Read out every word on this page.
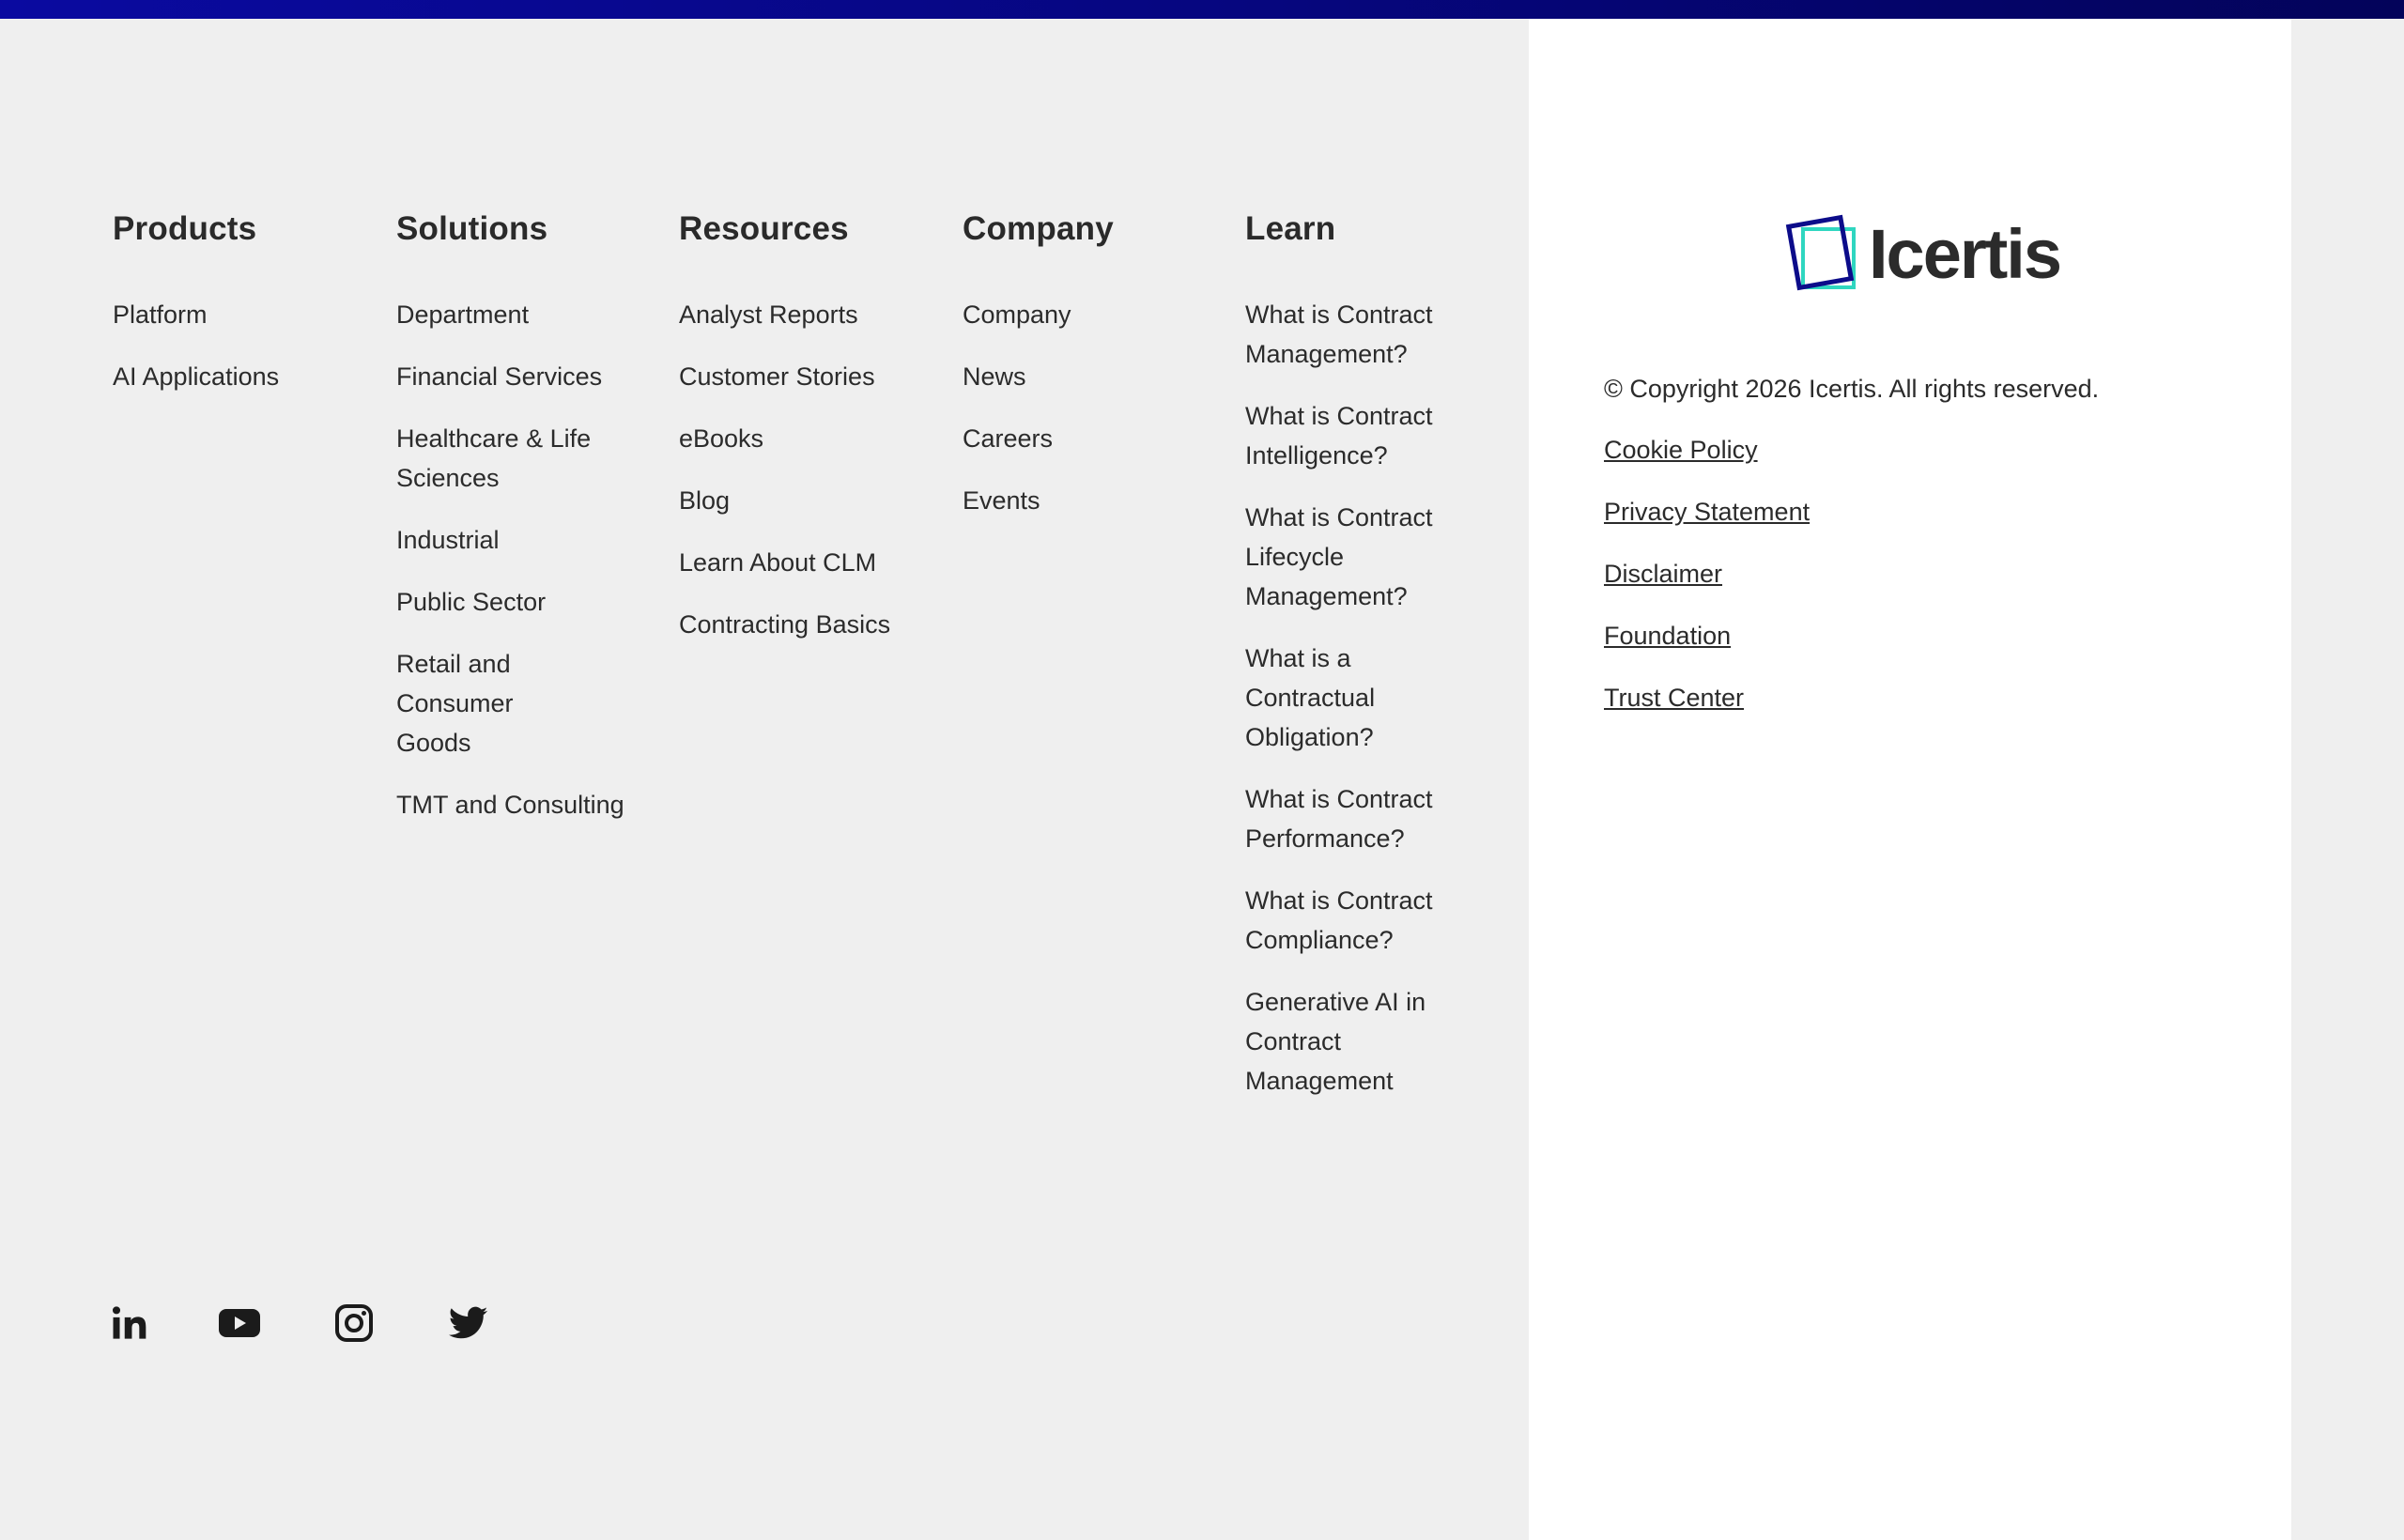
Products
Platform
AI Applications
Solutions
Department
Financial Services
Healthcare & Life Sciences
Industrial
Public Sector
Retail and Consumer Goods
TMT and Consulting
Resources
Analyst Reports
Customer Stories
eBooks
Blog
Learn About CLM
Contracting Basics
Company
Company
News
Careers
Events
Learn
What is Contract Management?
What is Contract Intelligence?
What is Contract Lifecycle Management?
What is a Contractual Obligation?
What is Contract Performance?
What is Contract Compliance?
Generative AI in Contract Management
Icertis
© Copyright 2026 Icertis. All rights reserved.
Cookie Policy
Privacy Statement
Disclaimer
Foundation
Trust Center
